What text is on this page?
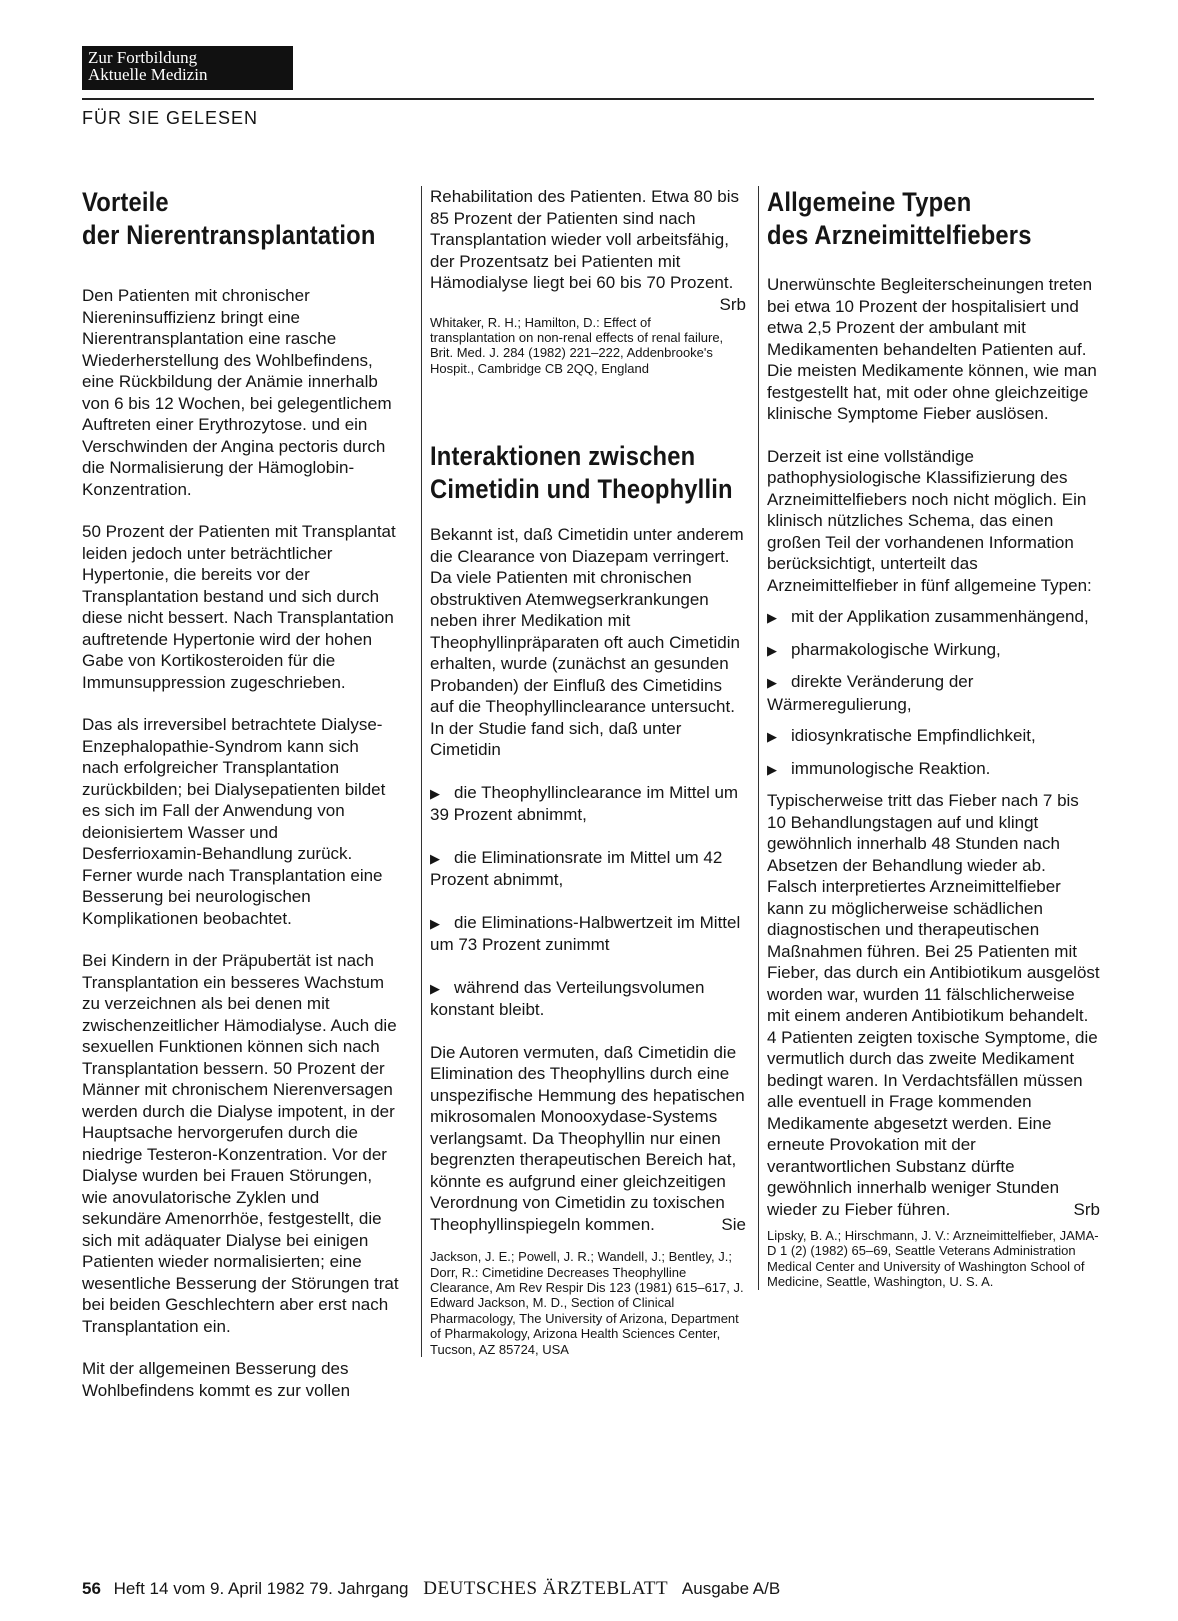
Zur Fortbildung
Aktuelle Medizin
FÜR SIE GELESEN
Vorteile
der Nierentransplantation

Den Patienten mit chronischer Niereninsuffizienz bringt eine Nierentransplantation eine rasche Wiederherstellung des Wohlbefindens, eine Rückbildung der Anämie innerhalb von 6 bis 12 Wochen, bei gelegentlichem Auftreten einer Erythrozytose. und ein Verschwinden der Angina pectoris durch die Normalisierung der Hämoglobin-Konzentration.

50 Prozent der Patienten mit Transplantat leiden jedoch unter beträchtlicher Hypertonie, die bereits vor der Transplantation bestand und sich durch diese nicht bessert. Nach Transplantation auftretende Hypertonie wird der hohen Gabe von Kortikosteroiden für die Immunsuppression zugeschrieben.

Das als irreversibel betrachtete Dialyse-Enzephalopathie-Syndrom kann sich nach erfolgreicher Transplantation zurückbilden; bei Dialysepatienten bildet es sich im Fall der Anwendung von deionisiertem Wasser und Desferrioxamin-Behandlung zurück. Ferner wurde nach Transplantation eine Besserung bei neurologischen Komplikationen beobachtet.

Bei Kindern in der Präpubertät ist nach Transplantation ein besseres Wachstum zu verzeichnen als bei denen mit zwischenzeitlicher Hämodialyse. Auch die sexuellen Funktionen können sich nach Transplantation bessern. 50 Prozent der Männer mit chronischem Nierenversagen werden durch die Dialyse impotent, in der Hauptsache hervorgerufen durch die niedrige Testeron-Konzentration. Vor der Dialyse wurden bei Frauen Störungen, wie anovulatorische Zyklen und sekundäre Amenorrhöe, festgestellt, die sich mit adäquater Dialyse bei einigen Patienten wieder normalisierten; eine wesentliche Besserung der Störungen trat bei beiden Geschlechtern aber erst nach Transplantation ein.

Mit der allgemeinen Besserung des Wohlbefindens kommt es zur vollen

Rehabilitation des Patienten. Etwa 80 bis 85 Prozent der Patienten sind nach Transplantation wieder voll arbeitsfähig, der Prozentsatz bei Patienten mit Hämodialyse liegt bei 60 bis 70 Prozent.
Srb

Whitaker, R. H.; Hamilton, D.: Effect of transplantation on non-renal effects of renal failure, Brit. Med. J. 284 (1982) 221–222, Addenbrooke's Hospit., Cambridge CB 2QQ, England

Interaktionen zwischen
Cimetidin und Theophyllin

Bekannt ist, daß Cimetidin unter anderem die Clearance von Diazepam verringert. Da viele Patienten mit chronischen obstruktiven Atemwegserkrankungen neben ihrer Medikation mit Theophyllinpräparaten oft auch Cimetidin erhalten, wurde (zunächst an gesunden Probanden) der Einfluß des Cimetidins auf die Theophyllinclearance untersucht. In der Studie fand sich, daß unter Cimetidin

▶ die Theophyllinclearance im Mittel um 39 Prozent abnimmt,
▶ die Eliminationsrate im Mittel um 42 Prozent abnimmt,
▶ die Eliminations-Halbwertzeit im Mittel um 73 Prozent zunimmt
▶ während das Verteilungsvolumen konstant bleibt.

Die Autoren vermuten, daß Cimetidin die Elimination des Theophyllins durch eine unspezifische Hemmung des hepatischen mikrosomalen Monooxydase-Systems verlangsamt. Da Theophyllin nur einen begrenzten therapeutischen Bereich hat, könnte es aufgrund einer gleichzeitigen Verordnung von Cimetidin zu toxischen Theophyllinspiegeln kommen.	Sie

Jackson, J. E.; Powell, J. R.; Wandell, J.; Bentley, J.; Dorr, R.: Cimetidine Decreases Theophylline Clearance, Am Rev Respir Dis 123 (1981) 615–617, J. Edward Jackson, M. D., Section of Clinical Pharmacology, The University of Arizona, Department of Pharmakology, Arizona Health Sciences Center, Tucson, AZ 85724, USA

Allgemeine Typen
des Arzneimittelfiebers

Unerwünschte Begleiterscheinungen treten bei etwa 10 Prozent der hospitalisiert und etwa 2,5 Prozent der ambulant mit Medikamenten behandelten Patienten auf. Die meisten Medikamente können, wie man festgestellt hat, mit oder ohne gleichzeitige klinische Symptome Fieber auslösen.

Derzeit ist eine vollständige pathophysiologische Klassifizierung des Arzneimittelfiebers noch nicht möglich. Ein klinisch nützliches Schema, das einen großen Teil der vorhandenen Information berücksichtigt, unterteilt das Arzneimittelfieber in fünf allgemeine Typen:

▶ mit der Applikation zusammenhängend,
▶ pharmakologische Wirkung,
▶ direkte Veränderung der Wärmeregulierung,
▶ idiosynkratische Empfindlichkeit,
▶ immunologische Reaktion.

Typischerweise tritt das Fieber nach 7 bis 10 Behandlungstagen auf und klingt gewöhnlich innerhalb 48 Stunden nach Absetzen der Behandlung wieder ab. Falsch interpretiertes Arzneimittelfieber kann zu möglicherweise schädlichen diagnostischen und therapeutischen Maßnahmen führen. Bei 25 Patienten mit Fieber, das durch ein Antibiotikum ausgelöst worden war, wurden 11 fälschlicherweise mit einem anderen Antibiotikum behandelt. 4 Patienten zeigten toxische Symptome, die vermutlich durch das zweite Medikament bedingt waren. In Verdachtsfällen müssen alle eventuell in Frage kommenden Medikamente abgesetzt werden. Eine erneute Provokation mit der verantwortlichen Substanz dürfte gewöhnlich innerhalb weniger Stunden wieder zu Fieber führen.	Srb

Lipsky, B. A.; Hirschmann, J. V.: Arzneimittelfieber, JAMA-D 1 (2) (1982) 65–69, Seattle Veterans Administration Medical Center and University of Washington School of Medicine, Seattle, Washington, U. S. A.

56 Heft 14 vom 9. April 1982 79. Jahrgang DEUTSCHES ÄRZTEBLATT Ausgabe A/B
